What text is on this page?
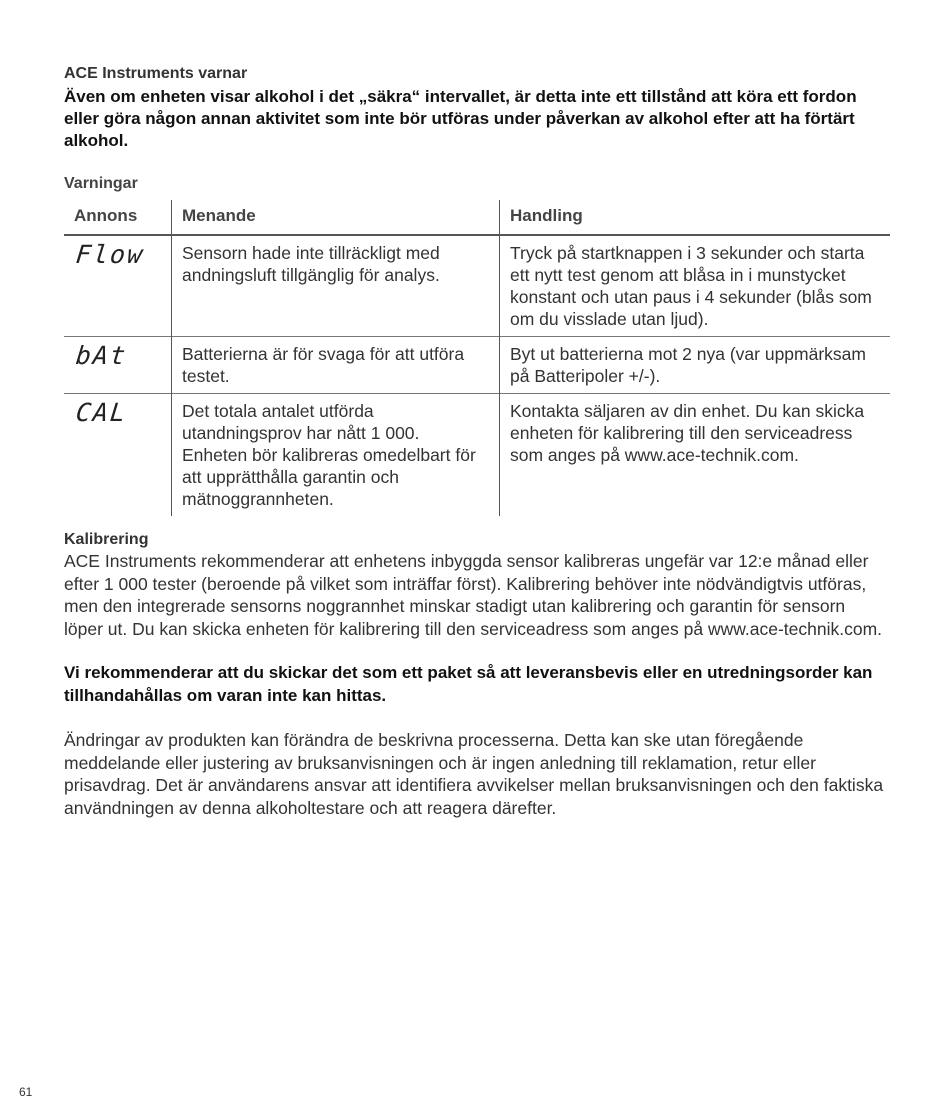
ACE Instruments varnar

Även om enheten visar alkohol i det „säkra“ intervallet, är detta inte ett tillstånd att köra ett fordon eller göra någon annan aktivitet som inte bör utföras under påverkan av alkohol efter att ha förtärt alkohol.

Varningar

Annons	Menande	Handling
Flow	Sensorn hade inte tillräckligt med andningsluft tillgänglig för analys.	Tryck på startknappen i 3 sekunder och starta ett nytt test genom att blåsa in i munstycket konstant och utan paus i 4 sekunder (blås som om du visslade utan ljud).
bAt	Batterierna är för svaga för att utföra testet.	Byt ut batterierna mot 2 nya (var uppmärksam på Batteripoler +/-).
CAL	Det totala antalet utförda utandningsprov har nått 1 000. Enheten bör kalibreras omedelbart för att upprätthålla garantin och mätnoggrannheten.	Kontakta säljaren av din enhet. Du kan skicka enheten för kalibrering till den serviceadress som anges på www.ace-technik.com.

Kalibrering

ACE Instruments rekommenderar att enhetens inbyggda sensor kalibreras ungefär var 12:e månad eller efter 1 000 tester (beroende på vilket som inträffar först). Kalibrering behöver inte nödvändigtvis utföras, men den integrerade sensorns noggrannhet minskar stadigt utan kalibrering och garantin för sensorn löper ut. Du kan skicka enheten för kalibrering till den serviceadress som anges på www.ace-technik.com.

Vi rekommenderar att du skickar det som ett paket så att leveransbevis eller en utredningsorder kan tillhandahållas om varan inte kan hittas.

Ändringar av produkten kan förändra de beskrivna processerna. Detta kan ske utan föregående meddelande eller justering av bruksanvisningen och är ingen anledning till reklamation, retur eller prisavdrag. Det är användarens ansvar att identifiera avvikelser mellan bruksanvisningen och den faktiska användningen av denna alkoholtestare och att reagera därefter.

61
